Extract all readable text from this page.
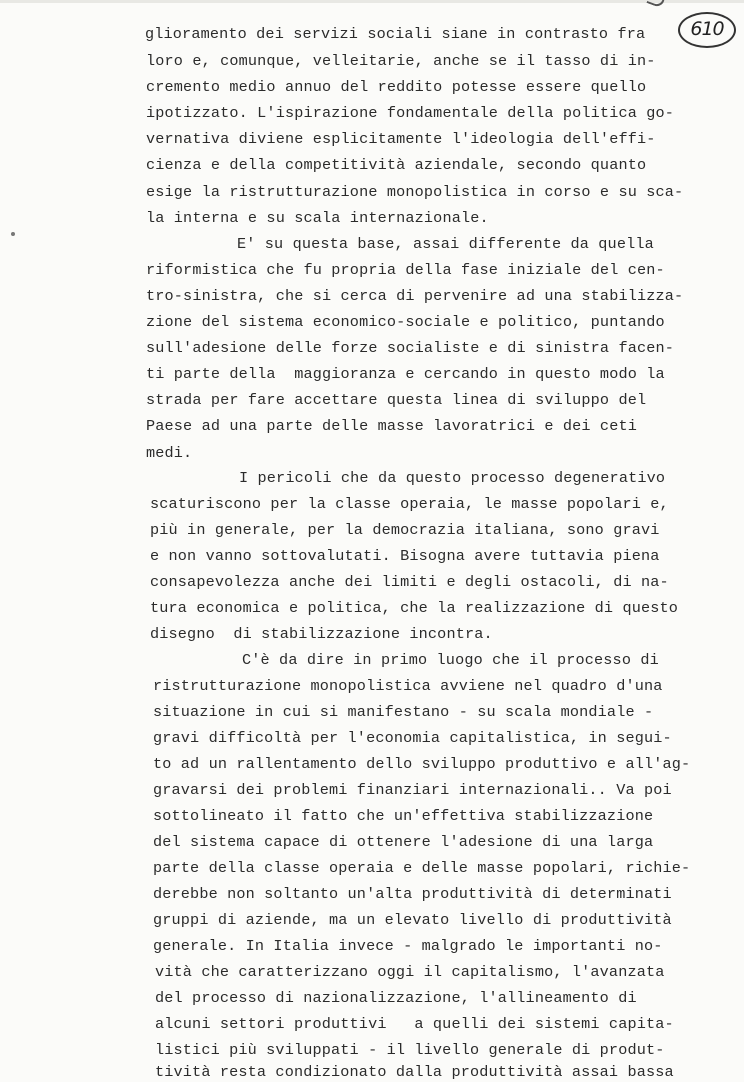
610
glioramento dei servizi sociali siane in contrasto fra
loro e, comunque, velleitarie, anche se il tasso di in-
cremento medio annuo del reddito potesse essere quello
ipotizzato. L'ispirazione fondamentale della politica go-
vernativa diviene esplicitamente l'ideologia dell'effi-
cienza e della competitività aziendale, secondo quanto
esige la ristrutturazione monopolistica in corso e su sca-
la interna e su scala internazionale.
E' su questa base, assai differente da quella
riformistica che fu propria della fase iniziale del cen-
tro-sinistra, che si cerca di pervenire ad una stabilizza-
zione del sistema economico-sociale e politico, puntando
sull'adesione delle forze socialiste e di sinistra facen-
ti parte della  maggioranza e cercando in questo modo la
strada per fare accettare questa linea di sviluppo del
Paese ad una parte delle masse lavoratrici e dei ceti
medi.
I pericoli che da questo processo degenerativo
scaturiscono per la classe operaia, le masse popolari e,
più in generale, per la democrazia italiana, sono gravi
e non vanno sottovalutati. Bisogna avere tuttavia piena
consapevolezza anche dei limiti e degli ostacoli, di na-
tura economica e politica, che la realizzazione di questo
disegno  di stabilizzazione incontra.
C'è da dire in primo luogo che il processo di
ristrutturazione monopolistica avviene nel quadro d'una
situazione in cui si manifestano - su scala mondiale -
gravi difficoltà per l'economia capitalistica, in segui-
to ad un rallentamento dello sviluppo produttivo e all'ag-
gravarsi dei problemi finanziari internazionali.. Va poi
sottolineato il fatto che un'effettiva stabilizzazione
del sistema capace di ottenere l'adesione di una larga
parte della classe operaia e delle masse popolari, richie-
derebbe non soltanto un'alta produttività di determinati
gruppi di aziende, ma un elevato livello di produttività
generale. In Italia invece - malgrado le importanti no-
vità che caratterizzano oggi il capitalismo, l'avanzata
del processo di nazionalizzazione, l'allineamento di
alcuni settori produttivi   a quelli dei sistemi capita-
listici più sviluppati - il livello generale di produt-
tività resta condizionato dalla produttività assai bassa
